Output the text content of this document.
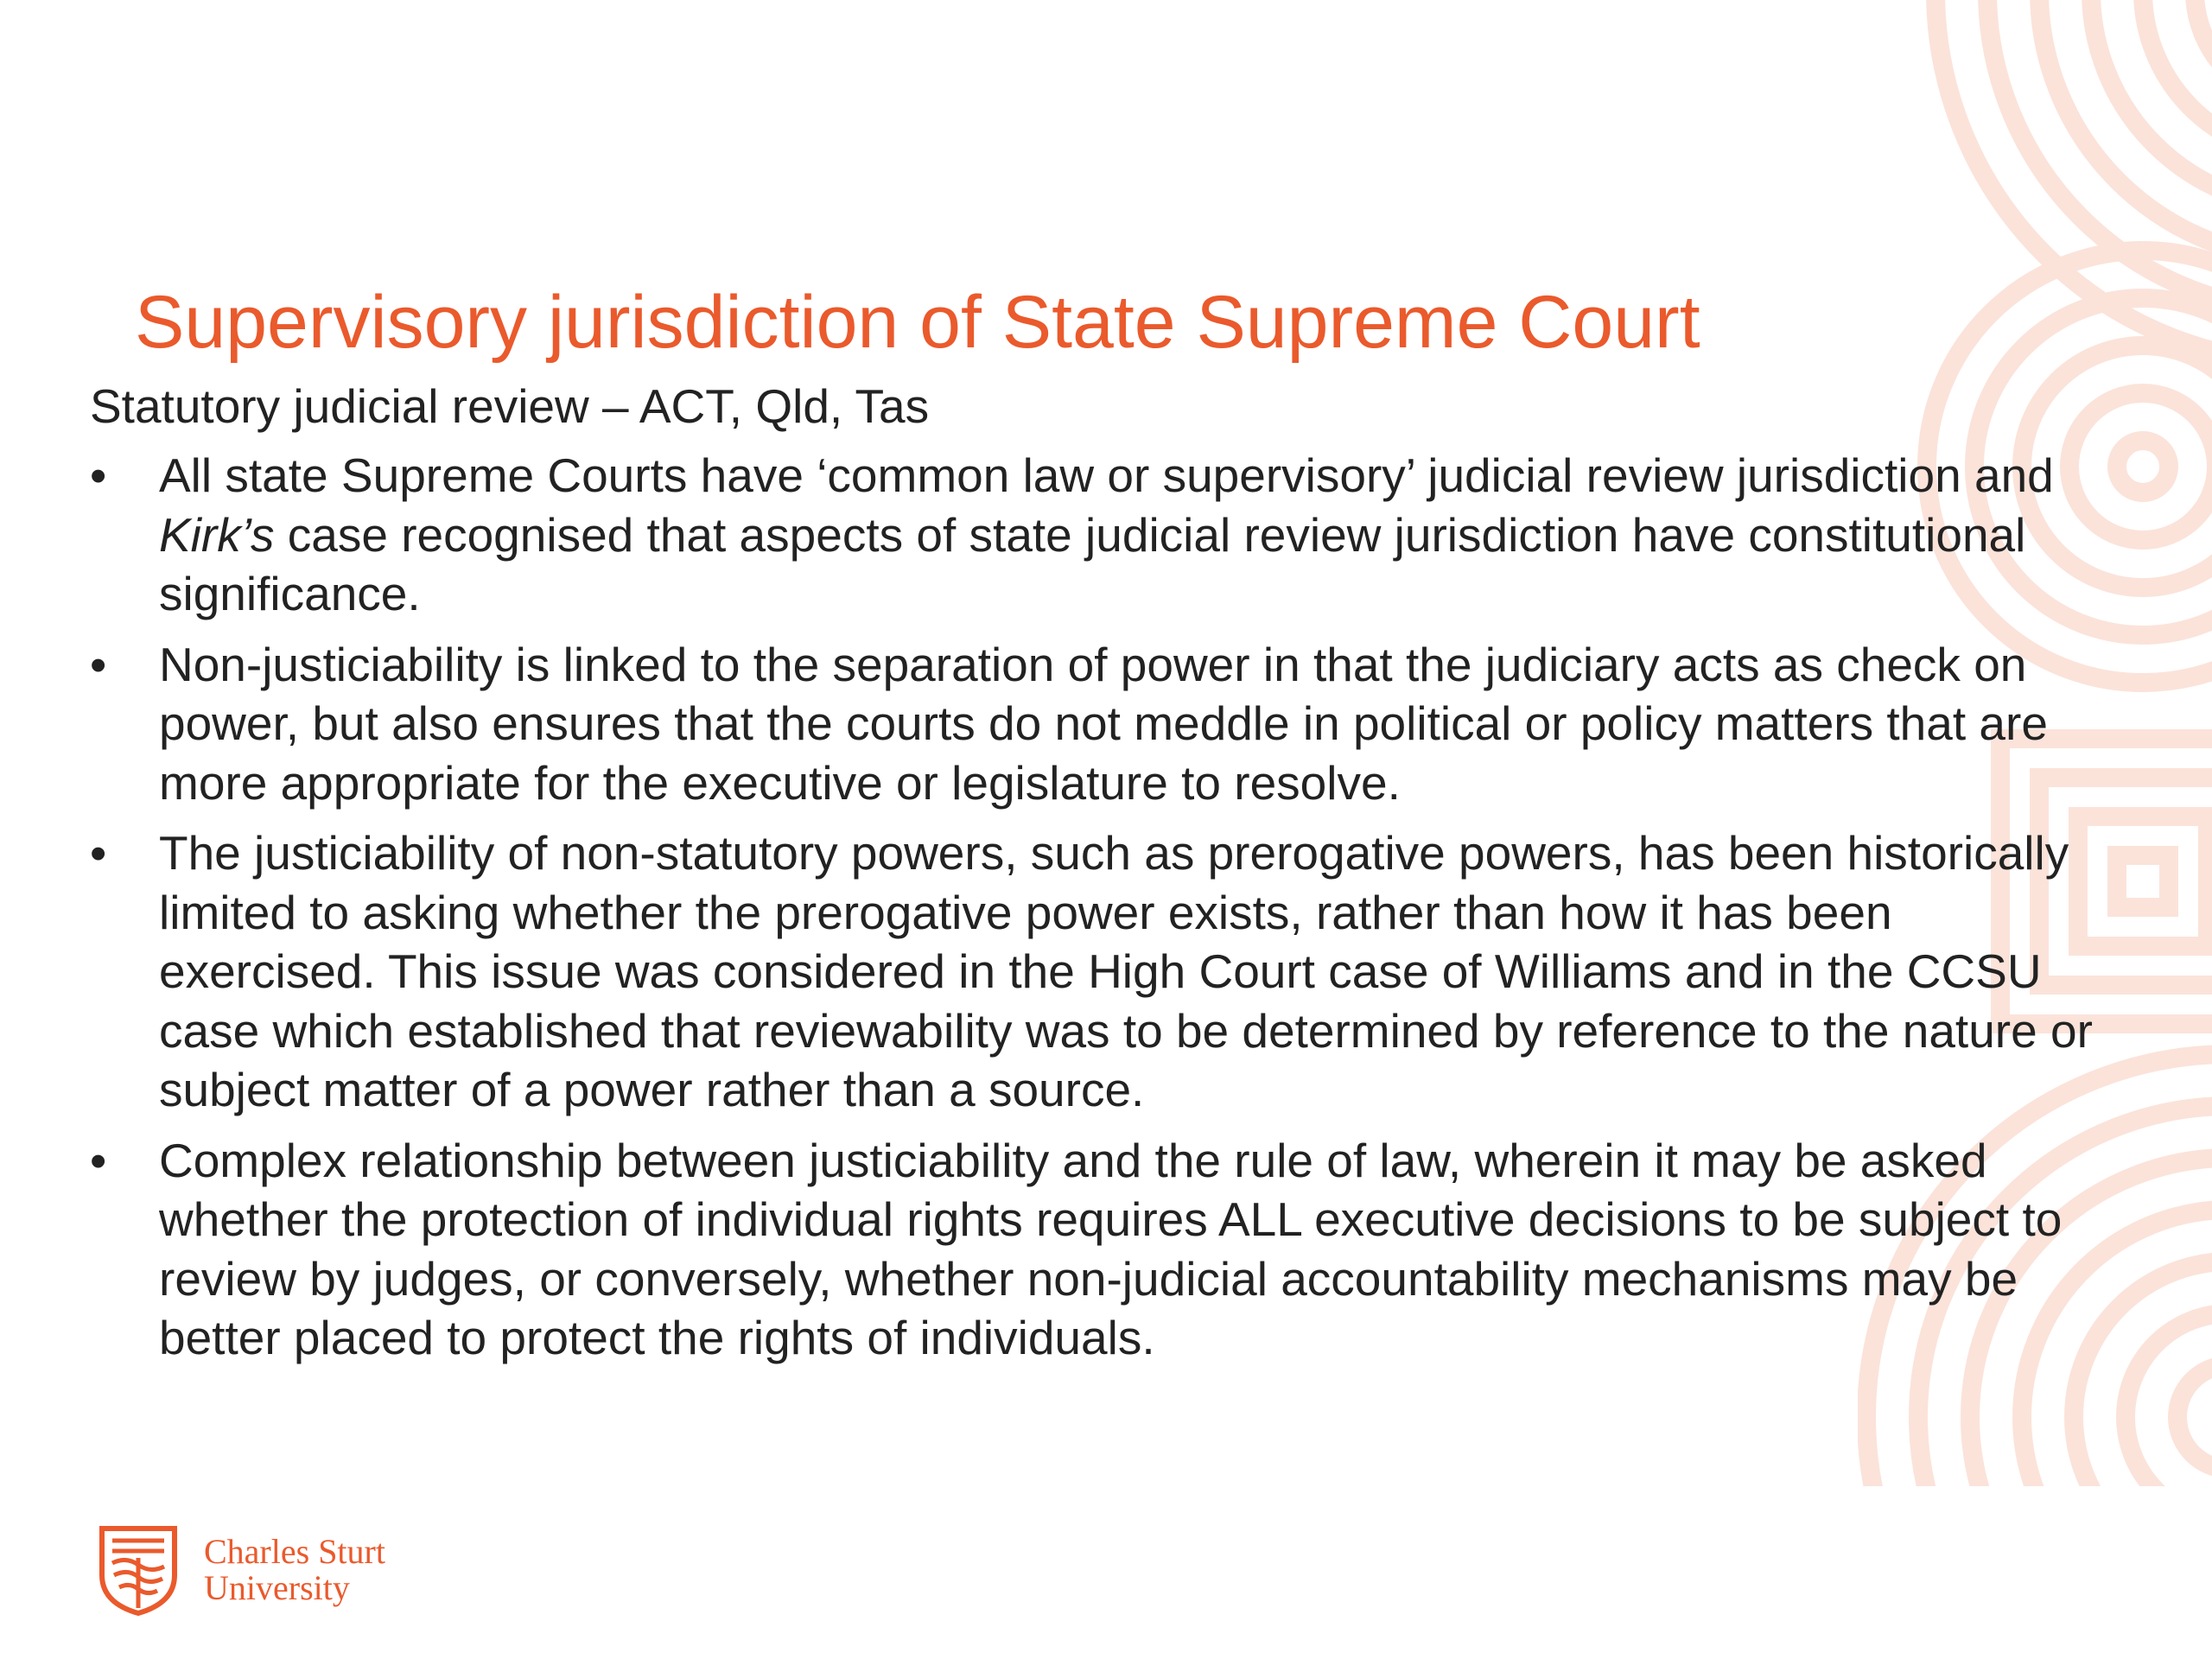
Supervisory jurisdiction of State Supreme Court
Statutory judicial review – ACT, Qld, Tas
•	All state Supreme Courts have ‘common law or supervisory’ judicial review jurisdiction and Kirk’s case recognised that aspects of state judicial review jurisdiction have constitutional significance.
•	Non-justiciability is linked to the separation of power in that the judiciary acts as check on power, but also ensures that the courts do not meddle in political or policy matters that are more appropriate for the executive or legislature to resolve.
•	The justiciability of non-statutory powers, such as prerogative powers, has been historically limited to asking whether the prerogative power exists, rather than how it has been exercised. This issue was considered in the High Court case of Williams and in the CCSU case which established that reviewability was to be determined by reference to the nature or subject matter of a power rather than a source.
•	Complex relationship between justiciability and the rule of law, wherein it may be asked whether the protection of individual rights requires ALL executive decisions to be subject to review by judges, or conversely, whether non-judicial accountability mechanisms may be better placed to protect the rights of individuals.
Charles Sturt
University
